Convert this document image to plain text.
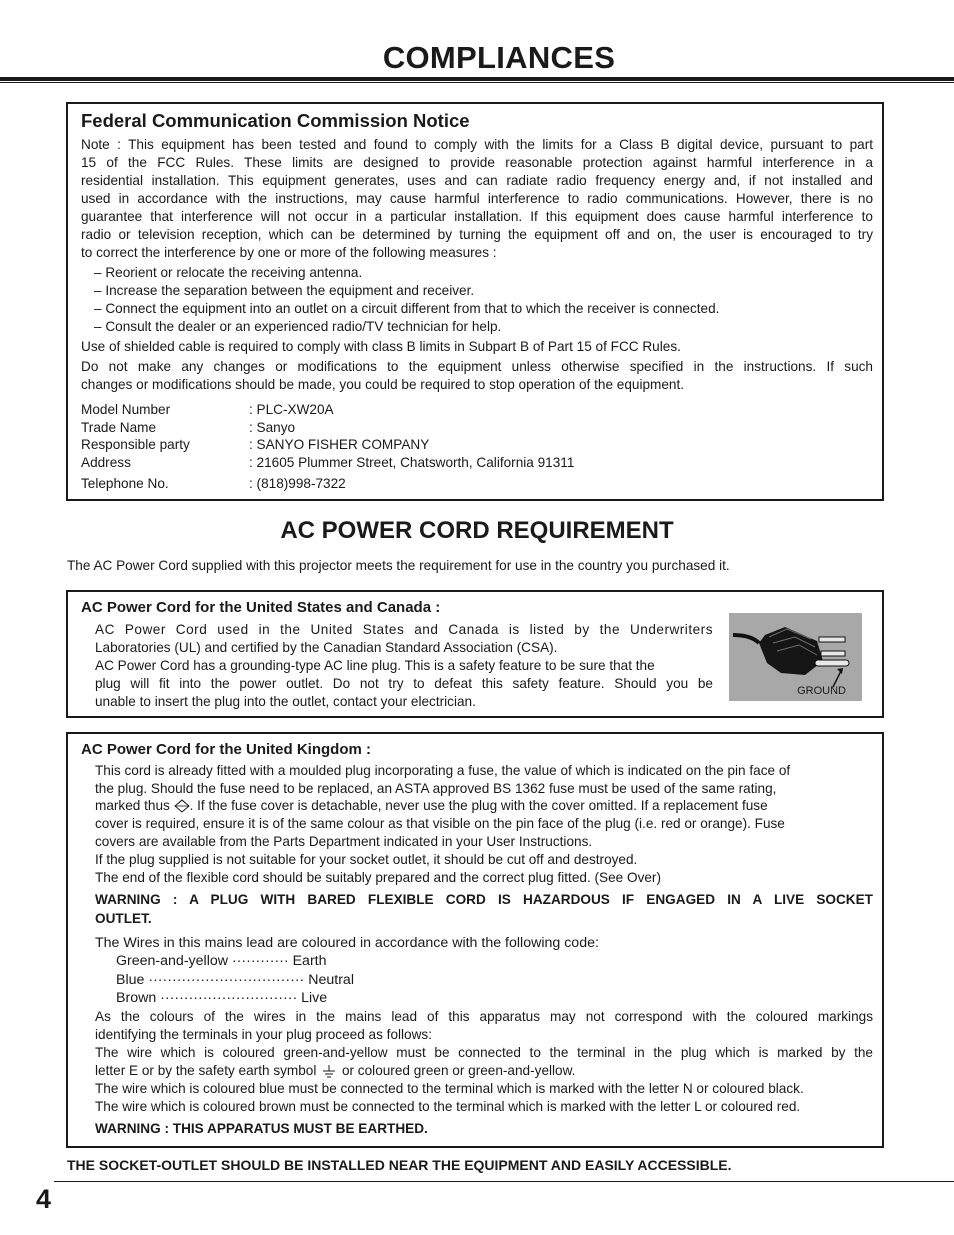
COMPLIANCES
Federal Communication Commission Notice

Note : This equipment has been tested and found to comply with the limits for a Class B digital device, pursuant to part

15 of the FCC Rules. These limits are designed to provide reasonable protection against harmful interference in a

residential installation. This equipment generates, uses and can radiate radio frequency energy and, if not installed and

used in accordance with the instructions, may cause harmful interference to radio communications. However, there is no

guarantee that interference will not occur in a particular installation. If this equipment does cause harmful interference to

radio or television reception, which can be determined by turning the equipment off and on, the user is encouraged to try

to correct the interference by one or more of the following measures :

– Reorient or relocate the receiving antenna.

– Increase the separation between the equipment and receiver.

– Connect the equipment into an outlet on a circuit different from that to which the receiver is connected.

– Consult the dealer or an experienced radio/TV technician for help.

Use of shielded cable is required to comply with class B limits in Subpart B of Part 15 of FCC Rules.

Do not make any changes or modifications to the equipment unless otherwise specified in the instructions. If such

changes or modifications should be made, you could be required to stop operation of the equipment.

Model Number	: PLC-XW20A
Trade Name	: Sanyo
Responsible party	: SANYO FISHER COMPANY
Address	: 21605 Plummer Street, Chatsworth, California 91311
Telephone No.	: (818)998-7322
AC POWER CORD REQUIREMENT

The AC Power Cord supplied with this projector meets the requirement for use in the country you purchased it.

AC Power Cord for the United States and Canada :

AC Power Cord used in the United States and Canada is listed by the Underwriters

Laboratories (UL) and certified by the Canadian Standard Association (CSA).

AC Power Cord has a grounding-type AC line plug. This is a safety feature to be sure that the

plug will fit into the power outlet. Do not try to defeat this safety feature. Should you be

unable to insert the plug into the outlet, contact your electrician.

GROUND
AC Power Cord for the United Kingdom :

This cord is already fitted with a moulded plug incorporating a fuse, the value of which is indicated on the pin face of

the plug. Should the fuse need to be replaced, an ASTA approved BS 1362 fuse must be used of the same rating,

marked thus . If the fuse cover is detachable, never use the plug with the cover omitted. If a replacement fuse

cover is required, ensure it is of the same colour as that visible on the pin face of the plug (i.e. red or orange). Fuse

covers are available from the Parts Department indicated in your User Instructions.

If the plug supplied is not suitable for your socket outlet, it should be cut off and destroyed.

The end of the flexible cord should be suitably prepared and the correct plug fitted. (See Over)

WARNING : A PLUG WITH BARED FLEXIBLE CORD IS HAZARDOUS IF ENGAGED IN A LIVE SOCKET

OUTLET.

The Wires in this mains lead are coloured in accordance with the following code:

Green-and-yellow ············ Earth

Blue ································· Neutral

Brown ····························· Live

As the colours of the wires in the mains lead of this apparatus may not correspond with the coloured markings

identifying the terminals in your plug proceed as follows:

The wire which is coloured green-and-yellow must be connected to the terminal in the plug which is marked by the

letter E or by the safety earth symbol  or coloured green or green-and-yellow.

The wire which is coloured blue must be connected to the terminal which is marked with the letter N or coloured black.

The wire which is coloured brown must be connected to the terminal which is marked with the letter L or coloured red.

WARNING : THIS APPARATUS MUST BE EARTHED.

THE SOCKET-OUTLET SHOULD BE INSTALLED NEAR THE EQUIPMENT AND EASILY ACCESSIBLE.

4
